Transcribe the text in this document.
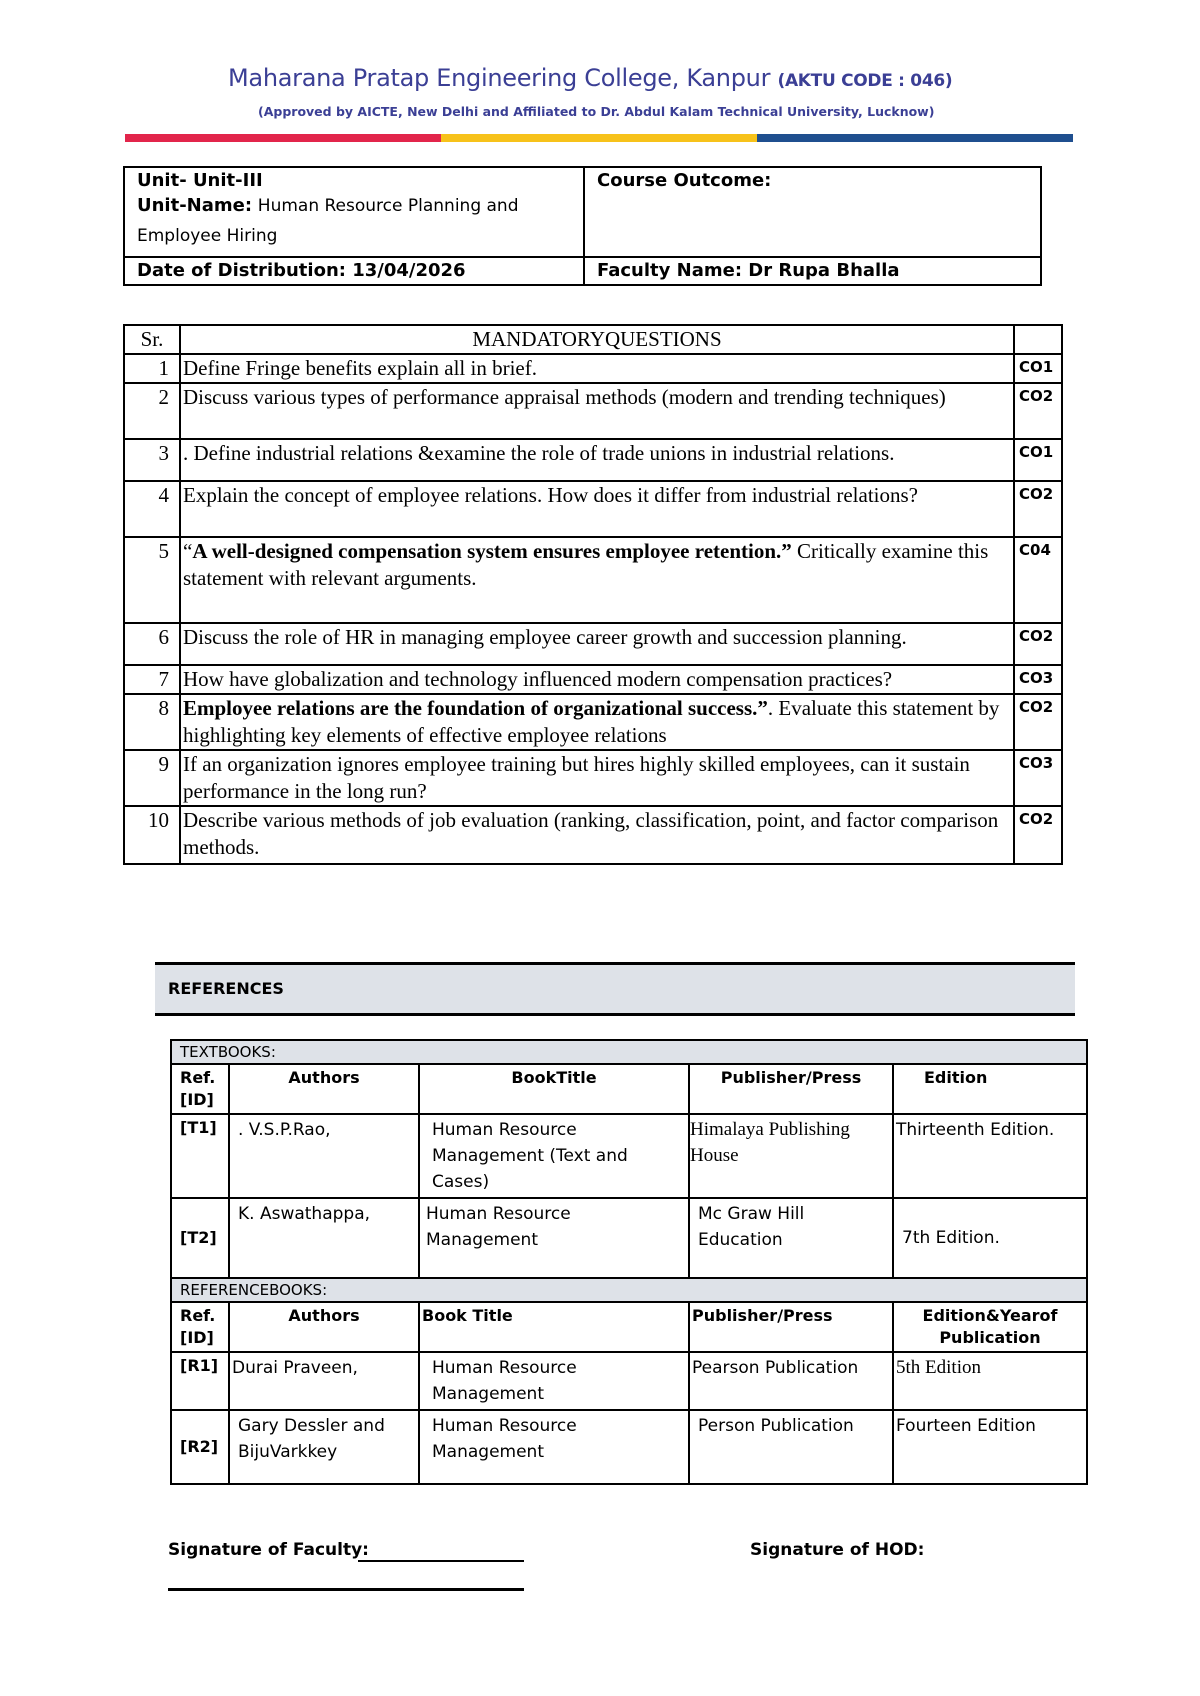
Maharana Pratap Engineering College, Kanpur (AKTU CODE : 046)
(Approved by AICTE, New Delhi and Affiliated to Dr. Abdul Kalam Technical University, Lucknow)
Unit- Unit-III
Unit-Name: Human Resource Planning and Employee Hiring	Course Outcome:
Date of Distribution: 13/04/2026	Faculty Name: Dr Rupa Bhalla
Sr.	MANDATORYQUESTIONS	
1	Define Fringe benefits explain all in brief.	CO1
2	Discuss various types of performance appraisal methods (modern and trending techniques)	CO2
3	. Define industrial relations &examine the role of trade unions in industrial relations.	CO1
4	Explain the concept of employee relations. How does it differ from industrial relations?	CO2
5	“A well-designed compensation system ensures employee retention.” Critically examine this statement with relevant arguments.	C04
6	Discuss the role of HR in managing employee career growth and succession planning.	CO2
7	How have globalization and technology influenced modern compensation practices?	CO3
8	Employee relations are the foundation of organizational success.”. Evaluate this statement by highlighting key elements of effective employee relations	CO2
9	If an organization ignores employee training but hires highly skilled employees, can it sustain performance in the long run?	CO3
10	Describe various methods of job evaluation (ranking, classification, point, and factor comparison methods.	CO2
REFERENCES
TEXTBOOKS:				
Ref. [ID]	Authors	BookTitle	Publisher/Press	Edition
[T1]	. V.S.P.Rao,	Human Resource Management (Text and Cases)	Himalaya Publishing House	Thirteenth Edition.
[T2]	K. Aswathappa,	Human Resource Management	Mc Graw Hill Education	7th Edition.
REFERENCEBOOKS:				
Ref. [ID]	Authors	Book Title	Publisher/Press	Edition&Yearof Publication
[R1]	Durai Praveen,	Human Resource Management	Pearson Publication	5th Edition
[R2]	Gary Dessler and BijuVarkkey	Human Resource Management	Person Publication	Fourteen Edition
Signature of Faculty:	Signature of HOD:
